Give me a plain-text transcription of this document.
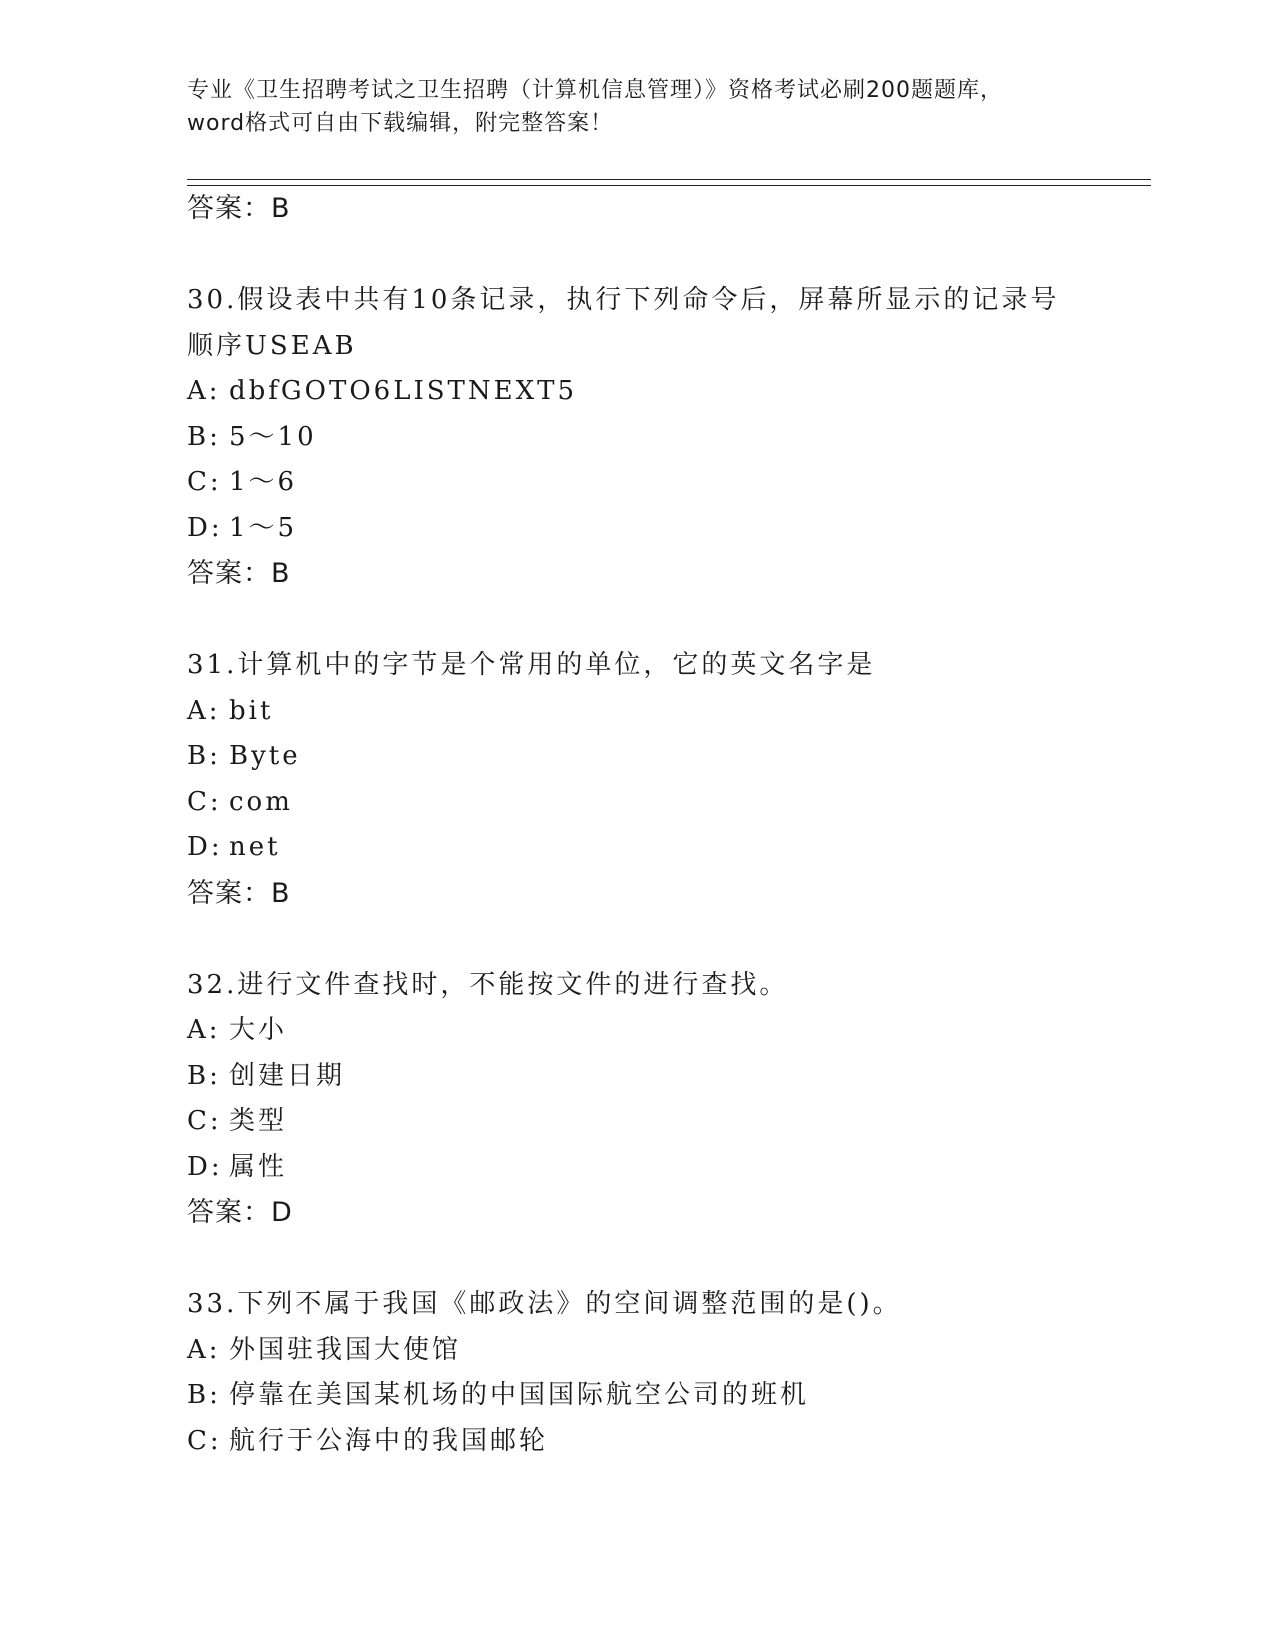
专业《卫生招聘考试之卫生招聘（计算机信息管理）》资格考试必刷200题题库，
word格式可自由下载编辑，附完整答案！
答案：B
30.假设表中共有10条记录，执行下列命令后，屏幕所显示的记录号
顺序USEAB
A: dbfGOTO6LISTNEXT5
B: 5～10
C: 1～6
D: 1～5
答案：B
31.计算机中的字节是个常用的单位，它的英文名字是
A: bit
B: Byte
C: com
D: net
答案：B
32.进行文件查找时，不能按文件的进行查找。
A: 大小
B: 创建日期
C: 类型
D: 属性
答案：D
33.下列不属于我国《邮政法》的空间调整范围的是()。
A: 外国驻我国大使馆
B: 停靠在美国某机场的中国国际航空公司的班机
C: 航行于公海中的我国邮轮
